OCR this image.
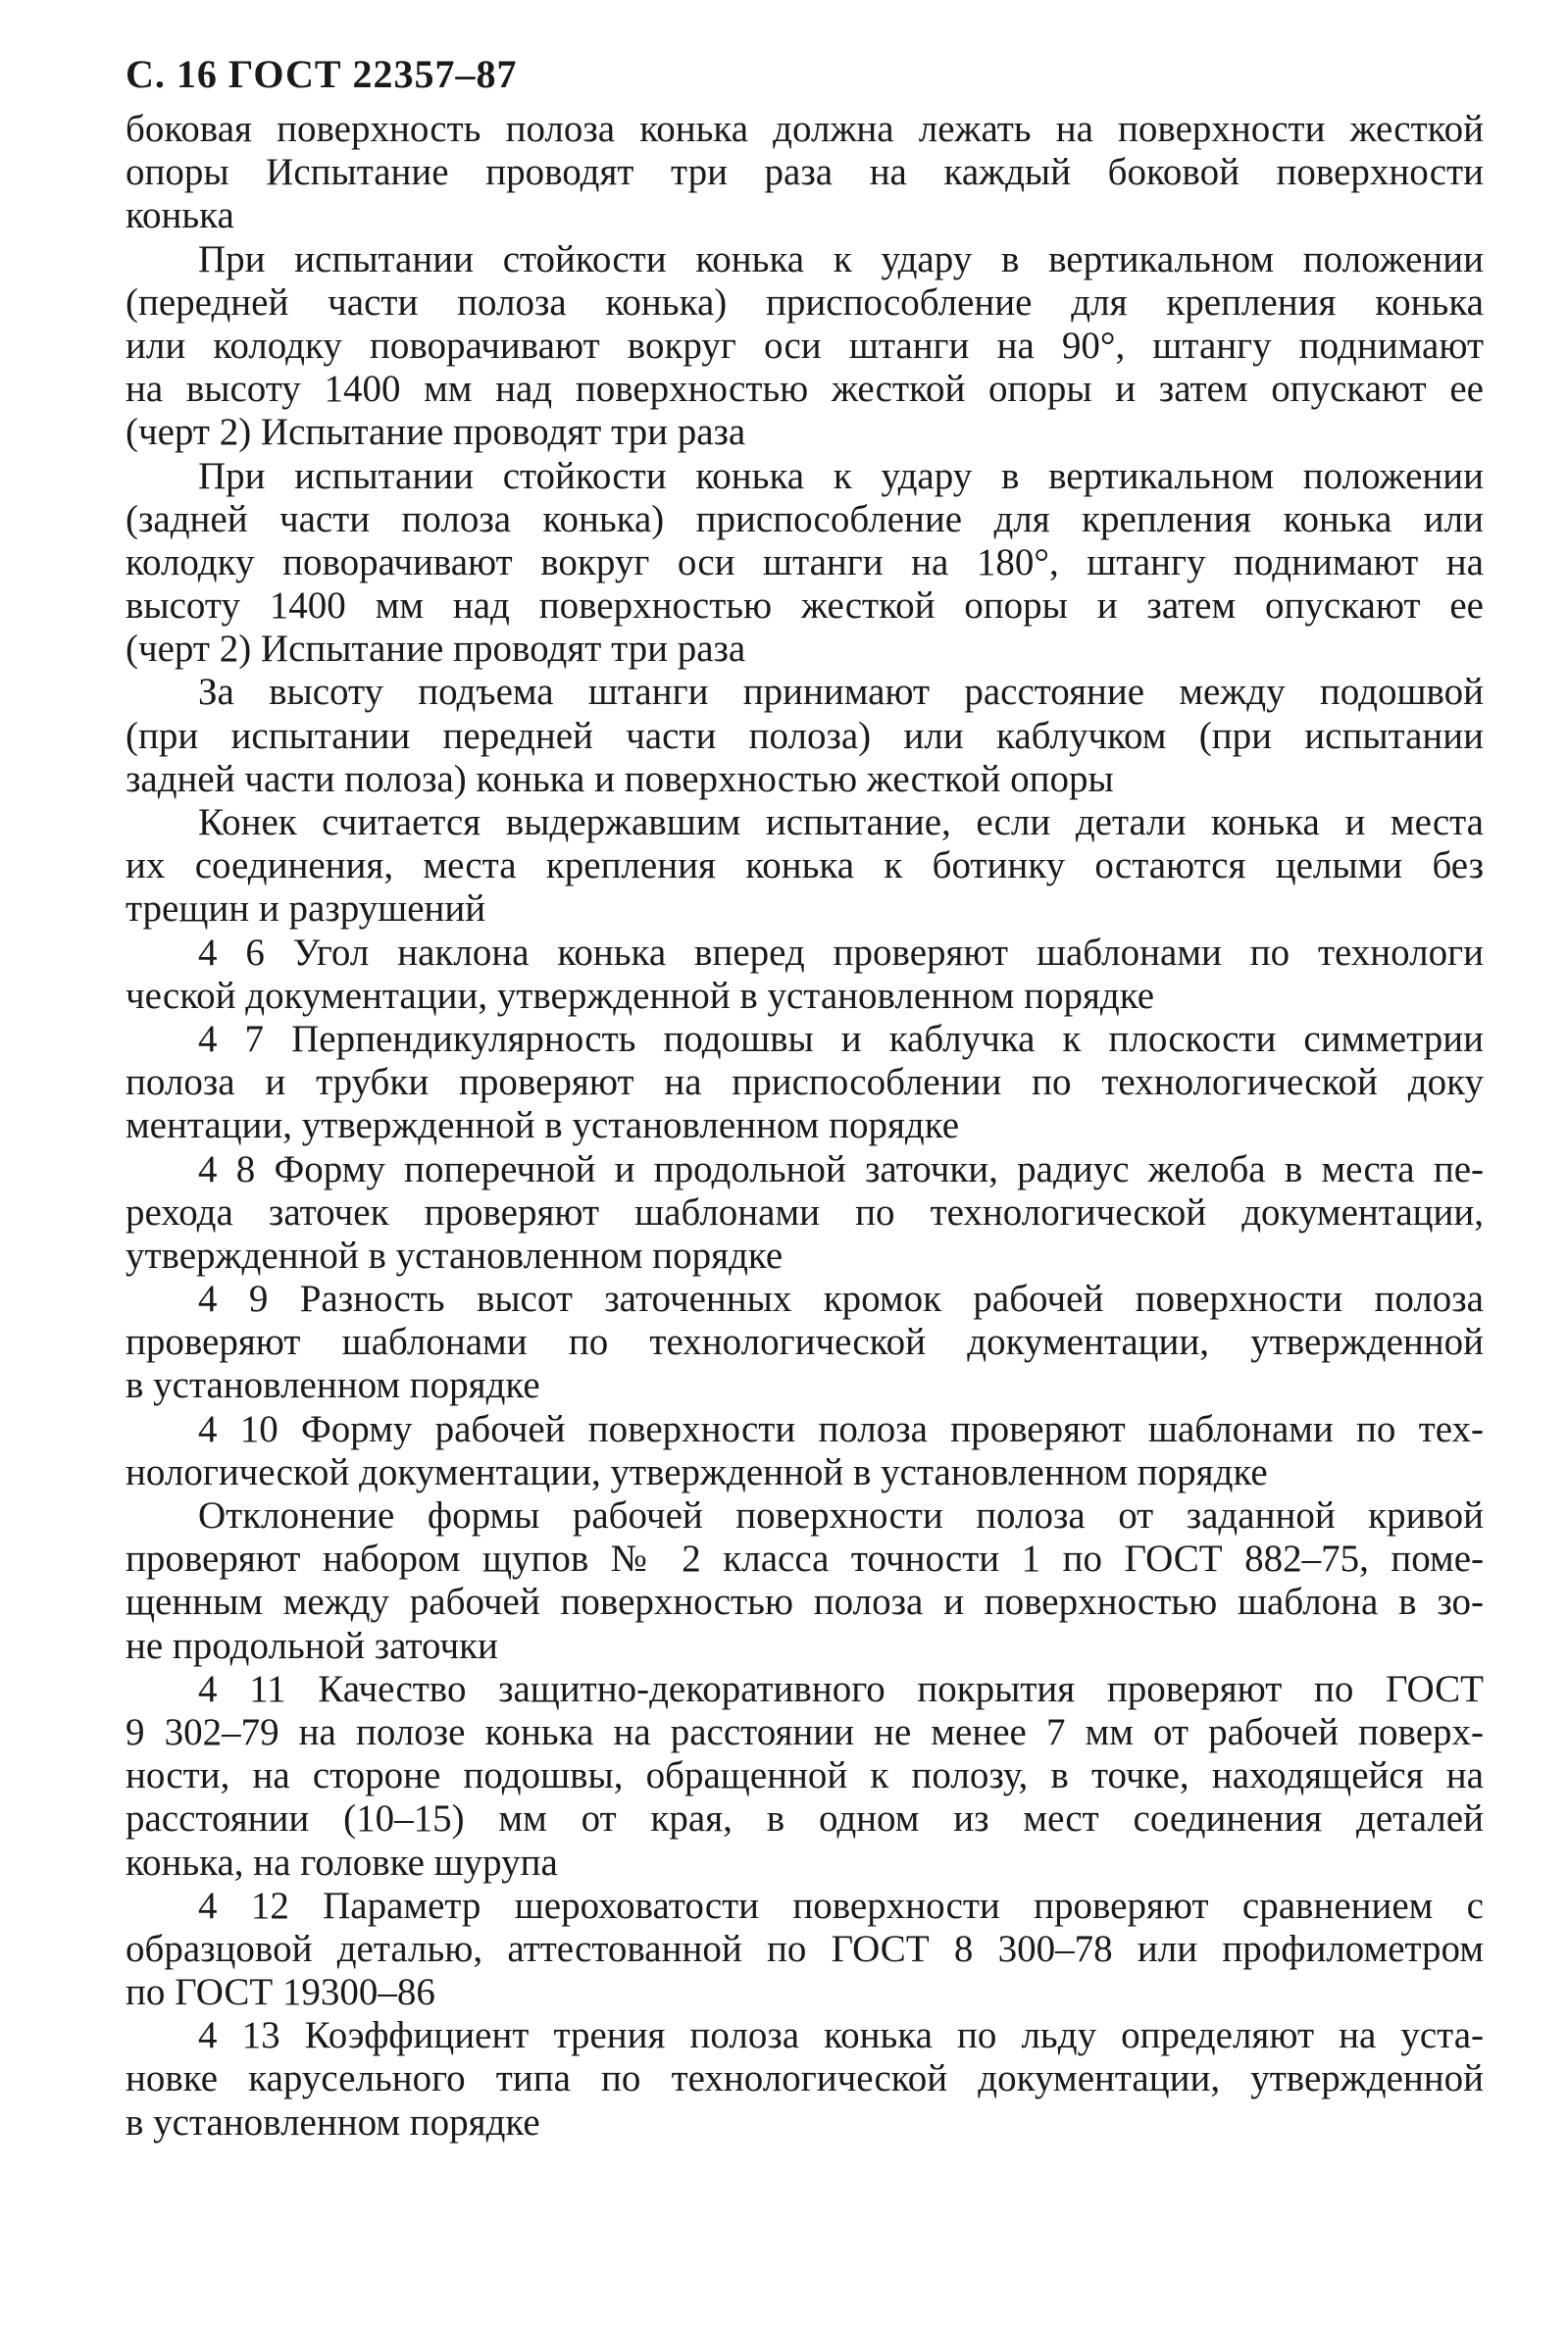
С. 16 ГОСТ 22357–87
боковая поверхность полоза конька должна лежать на поверхности жесткой
опоры Испытание проводят три раза на каждый боковой поверхности
конька
При испытании стойкости конька к удару в вертикальном положении
(передней части полоза конька) приспособление для крепления конька
или колодку поворачивают вокруг оси штанги на 90°, штангу поднимают
на высоту 1400 мм над поверхностью жесткой опоры и затем опускают ее
(черт 2) Испытание проводят три раза
При испытании стойкости конька к удару в вертикальном положении
(задней части полоза конька) приспособление для крепления конька или
колодку поворачивают вокруг оси штанги на 180°, штангу поднимают на
высоту 1400 мм над поверхностью жесткой опоры и затем опускают ее
(черт 2) Испытание проводят три раза
За высоту подъема штанги принимают расстояние между подошвой
(при испытании передней части полоза) или каблучком (при испытании
задней части полоза) конька и поверхностью жесткой опоры
Конек считается выдержавшим испытание, если детали конька и места
их соединения, места крепления конька к ботинку остаются целыми без
трещин и разрушений
4 6 Угол наклона конька вперед проверяют шаблонами по технологи
ческой документации, утвержденной в установленном порядке
4 7 Перпендикулярность подошвы и каблучка к плоскости симметрии
полоза и трубки проверяют на приспособлении по технологической доку
ментации, утвержденной в установленном порядке
4 8 Форму поперечной и продольной заточки, радиус желоба в места пе-
рехода заточек проверяют шаблонами по технологической документации,
утвержденной в установленном порядке
4 9 Разность высот заточенных кромок рабочей поверхности полоза
проверяют шаблонами по технологической документации, утвержденной
в установленном порядке
4 10 Форму рабочей поверхности полоза проверяют шаблонами по тех-
нологической документации, утвержденной в установленном порядке
Отклонение формы рабочей поверхности полоза от заданной кривой
проверяют набором щупов № 2 класса точности 1 по ГОСТ 882–75, поме-
щенным между рабочей поверхностью полоза и поверхностью шаблона в зо-
не продольной заточки
4 11 Качество защитно-декоративного покрытия проверяют по ГОСТ
9 302–79 на полозе конька на расстоянии не менее 7 мм от рабочей поверх-
ности, на стороне подошвы, обращенной к полозу, в точке, находящейся на
расстоянии (10–15) мм от края, в одном из мест соединения деталей
конька, на головке шурупа
4 12 Параметр шероховатости поверхности проверяют сравнением с
образцовой деталью, аттестованной по ГОСТ 8 300–78 или профилометром
по ГОСТ 19300–86
4 13 Коэффициент трения полоза конька по льду определяют на уста-
новке карусельного типа по технологической документации, утвержденной
в установленном порядке
